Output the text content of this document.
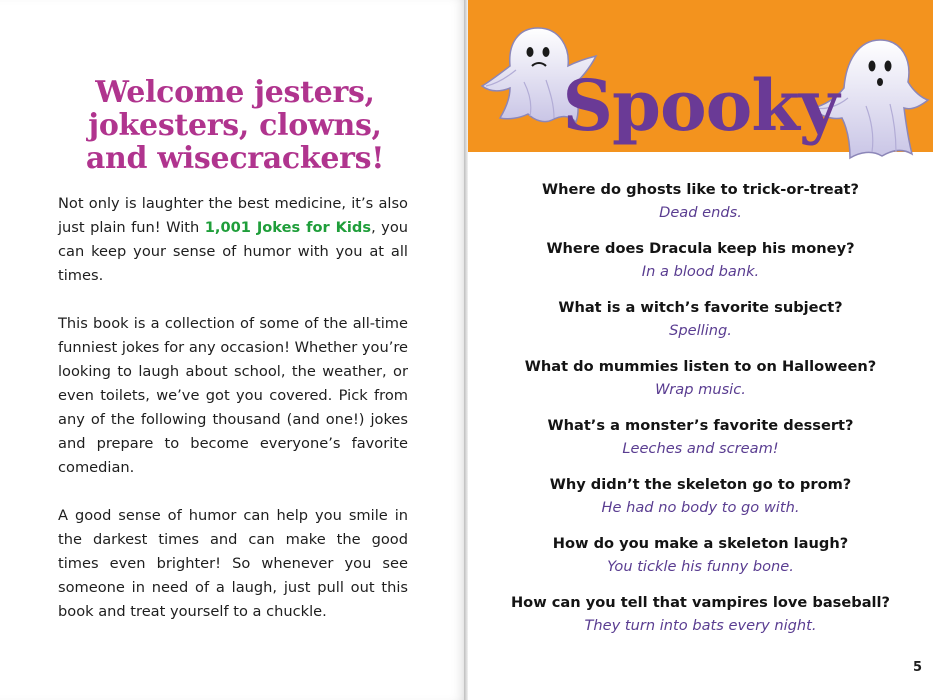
Welcome jesters,
jokesters, clowns,
and wisecrackers!

Not only is laughter the best medicine, it’s also just plain fun! With 1,001 Jokes for Kids, you can keep your sense of humor with you at all times.

This book is a collection of some of the all-time funniest jokes for any occasion! Whether you’re looking to laugh about school, the weather, or even toilets, we’ve got you covered. Pick from any of the following thousand (and one!) jokes and prepare to become everyone’s favorite comedian.

A good sense of humor can help you smile in the darkest times and can make the good times even brighter! So whenever you see someone in need of a laugh, just pull out this book and treat yourself to a chuckle.

Spooky
Where do ghosts like to trick-or-treat?
Dead ends.
Where does Dracula keep his money?
In a blood bank.
What is a witch’s favorite subject?
Spelling.
What do mummies listen to on Halloween?
Wrap music.
What’s a monster’s favorite dessert?
Leeches and scream!
Why didn’t the skeleton go to prom?
He had no body to go with.
How do you make a skeleton laugh?
You tickle his funny bone.
How can you tell that vampires love baseball?
They turn into bats every night.
5
